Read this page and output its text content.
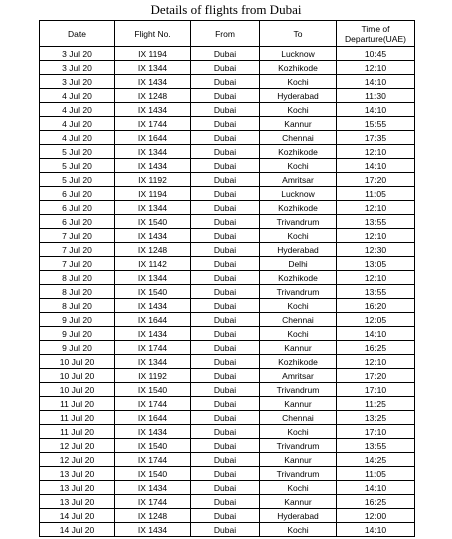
Details of flights from Dubai
Date	Flight No.	From	To	Time of Departure(UAE)
3 Jul 20	IX 1194	Dubai	Lucknow	10:45
3 Jul 20	IX 1344	Dubai	Kozhikode	12:10
3 Jul 20	IX 1434	Dubai	Kochi	14:10
4 Jul 20	IX 1248	Dubai	Hyderabad	11:30
4 Jul 20	IX 1434	Dubai	Kochi	14:10
4 Jul 20	IX 1744	Dubai	Kannur	15:55
4 Jul 20	IX 1644	Dubai	Chennai	17:35
5 Jul 20	IX 1344	Dubai	Kozhikode	12:10
5 Jul 20	IX 1434	Dubai	Kochi	14:10
5 Jul 20	IX 1192	Dubai	Amritsar	17:20
6 Jul 20	IX 1194	Dubai	Lucknow	11:05
6 Jul 20	IX 1344	Dubai	Kozhikode	12:10
6 Jul 20	IX 1540	Dubai	Trivandrum	13:55
7 Jul 20	IX 1434	Dubai	Kochi	12:10
7 Jul 20	IX 1248	Dubai	Hyderabad	12:30
7 Jul 20	IX 1142	Dubai	Delhi	13:05
8 Jul 20	IX 1344	Dubai	Kozhikode	12:10
8 Jul 20	IX 1540	Dubai	Trivandrum	13:55
8 Jul 20	IX 1434	Dubai	Kochi	16:20
9 Jul 20	IX 1644	Dubai	Chennai	12:05
9 Jul 20	IX 1434	Dubai	Kochi	14:10
9 Jul 20	IX 1744	Dubai	Kannur	16:25
10 Jul 20	IX 1344	Dubai	Kozhikode	12:10
10 Jul 20	IX 1192	Dubai	Amritsar	17:20
10 Jul 20	IX 1540	Dubai	Trivandrum	17:10
11 Jul 20	IX 1744	Dubai	Kannur	11:25
11 Jul 20	IX 1644	Dubai	Chennai	13:25
11 Jul 20	IX 1434	Dubai	Kochi	17:10
12 Jul 20	IX 1540	Dubai	Trivandrum	13:55
12 Jul 20	IX 1744	Dubai	Kannur	14:25
13 Jul 20	IX 1540	Dubai	Trivandrum	11:05
13 Jul 20	IX 1434	Dubai	Kochi	14:10
13 Jul 20	IX 1744	Dubai	Kannur	16:25
14 Jul 20	IX 1248	Dubai	Hyderabad	12:00
14 Jul 20	IX 1434	Dubai	Kochi	14:10
